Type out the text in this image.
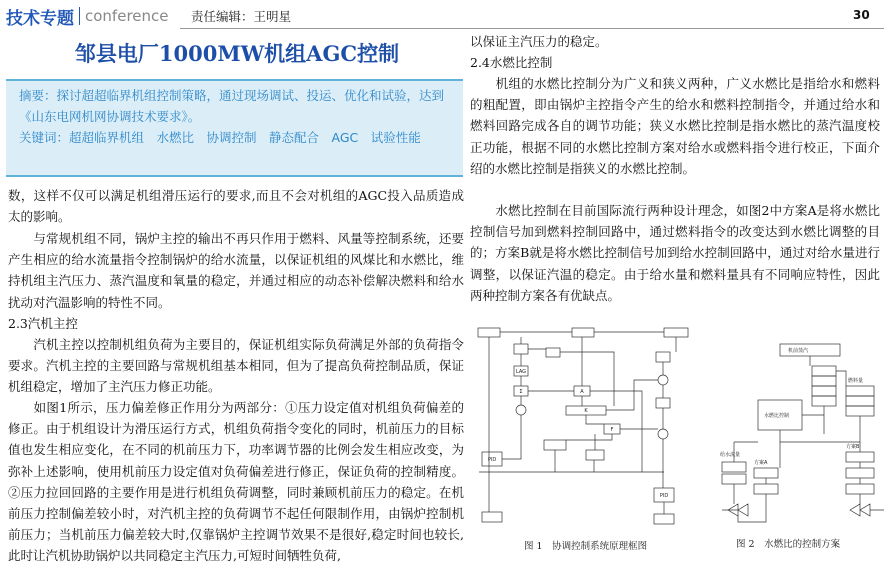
技术专题 conference 责任编辑：王明星	30
邹县电厂1000MW机组AGC控制

摘要：探讨超超临界机组控制策略，通过现场调试、投运、优化和试验，达到《山东电网机网协调技术要求》。

关键词：超超临界机组　水燃比　协调控制　静态配合　AGC　试验性能

数，这样不仅可以满足机组滑压运行的要求,而且不会对机组的AGC投入品质造成太的影响。
　　与常规机组不同，锅炉主控的输出不再只作用于燃料、风量等控制系统，还要产生相应的给水流量指令控制锅炉的给水流量，以保证机组的风煤比和水燃比，维持机组主汽压力、蒸汽温度和氧量的稳定，并通过相应的动态补偿解决燃料和给水扰动对汽温影响的特性不同。
2.3汽机主控
　　汽机主控以控制机组负荷为主要目的，保证机组实际负荷满足外部的负荷指令要求。汽机主控的主要回路与常规机组基本相同，但为了提高负荷控制品质，保证机组稳定，增加了主汽压力修正功能。
　　如图1所示，压力偏差修正作用分为两部分：①压力设定值对机组负荷偏差的修正。由于机组设计为滑压运行方式，机组负荷指令变化的同时，机前压力的目标值也发生相应变化，在不同的机前压力下，功率调节器的比例会发生相应改变，为弥补上述影响，使用机前压力设定值对负荷偏差进行修正，保证负荷的控制精度。②压力拉回回路的主要作用是进行机组负荷调整，同时兼顾机前压力的稳定。在机前压力控制偏差较小时，对汽机主控的负荷调节不起任何限制作用，由锅炉控制机前压力；当机前压力偏差较大时,仅靠锅炉主控调节效果不是很好,稳定时间也较长,此时让汽机协助锅炉以共同稳定主汽压力,可短时间牺牲负荷,
以保证主汽压力的稳定。
2.4水燃比控制
　　机组的水燃比控制分为广义和狭义两种，广义水燃比是指给水和燃料的粗配置，即由锅炉主控指令产生的给水和燃料控制指令，并通过给水和燃料回路完成各自的调节功能；狭义水燃比控制是指水燃比的蒸汽温度校正功能，根据不同的水燃比控制方案对给水或燃料指令进行校正，下面介绍的水燃比控制是指狭义的水燃比控制。
　　水燃比控制在目前国际流行两种设计理念，如图2中方案A是将水燃比控制信号加到燃料控制回路中，通过燃料指令的改变达到水燃比调整的目的；方案B就是将水燃比控制信号加到给水控制回路中，通过对给水量进行调整，以保证汽温的稳定。由于给水量和燃料量具有不同响应特性，因此两种控制方案各有优缺点。
LAG
Σ	A
K
F
PID
PID
图 1　协调控制系统原理框图
机前蒸汽
水燃比控制
给水流量
燃料量
方案A
方案B
图 2　水燃比的控制方案
